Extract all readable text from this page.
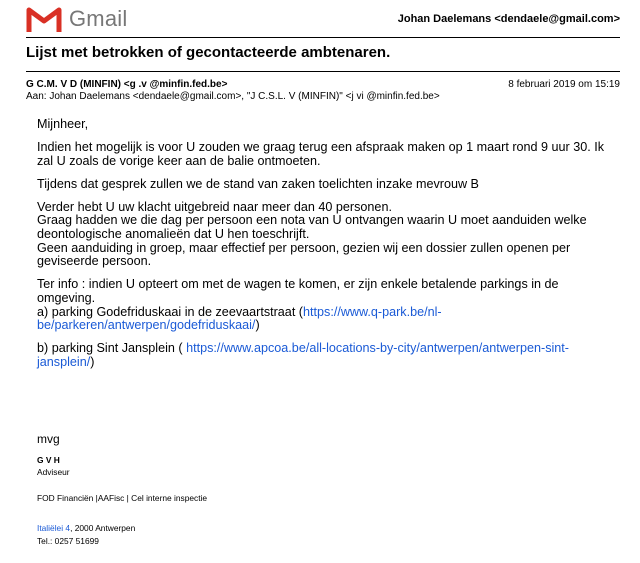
Gmail	Johan Daelemans <dendaele@gmail.com>
Lijst met betrokken of gecontacteerde ambtenaren.
G C.M. V D (MINFIN) <g .v @minfin.fed.be>	8 februari 2019 om 15:19
Aan: Johan Daelemans <dendaele@gmail.com>, "J C.S.L. V (MINFIN)" <j vi @minfin.fed.be>

Mijnheer,

Indien het mogelijk is voor U zouden we graag terug een afspraak maken op 1 maart rond 9 uur 30. Ik zal U zoals de vorige keer aan de balie ontmoeten.

Tijdens dat gesprek zullen we de stand van zaken toelichten inzake mevrouw B

Verder hebt U uw klacht uitgebreid naar meer dan 40 personen.
Graag hadden we die dag per persoon een nota van U ontvangen waarin U moet aanduiden welke deontologische anomalieën dat U hen toeschrijft.
Geen aanduiding in groep, maar effectief per persoon, gezien wij een dossier zullen openen per geviseerde persoon.

Ter info : indien U opteert om met de wagen te komen, er zijn enkele betalende parkings in de omgeving.
a) parking Godefriduskaai in de zeevaartstraat (https://www.q-park.be/nl-be/parkeren/antwerpen/godefriduskaai/)

b) parking Sint Jansplein ( https://www.apcoa.be/all-locations-by-city/antwerpen/antwerpen-sint-jansplein/)

mvg
G V H
Adviseur
FOD Financiën |AAFisc | Cel interne inspectie
Italiëlei 4, 2000 Antwerpen
Tel.: 0257 51699
